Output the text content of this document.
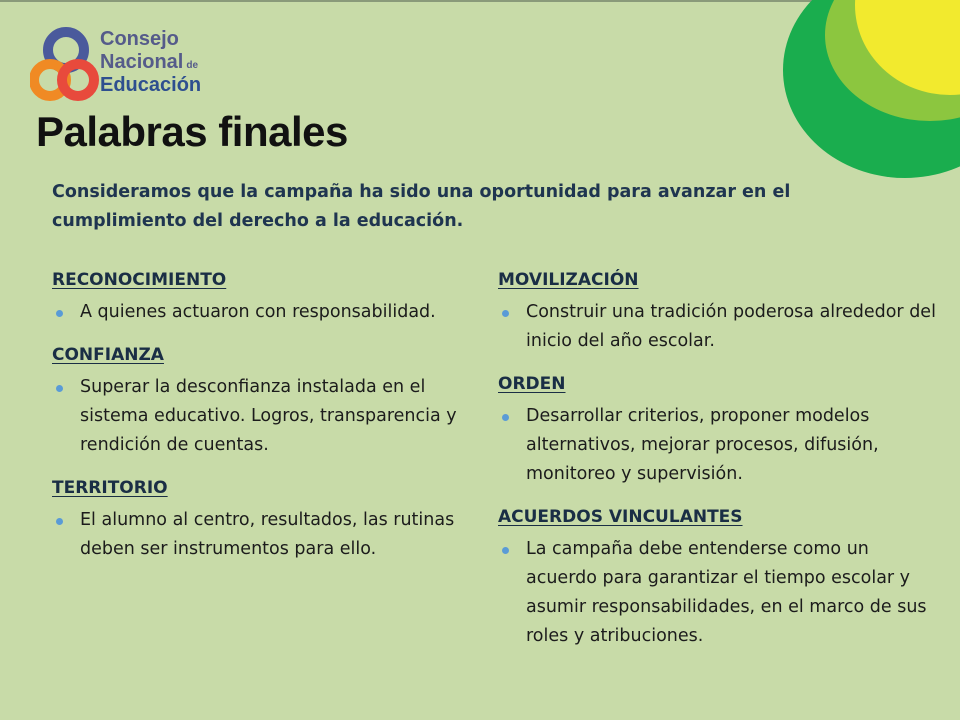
Consejo
Nacional de
Educación
Palabras finales
Consideramos que la campaña ha sido una oportunidad para avanzar en el cumplimiento del derecho a la educación.
RECONOCIMIENTO
A quienes actuaron con responsabilidad.
CONFIANZA
Superar la desconfianza instalada en el sistema educativo. Logros, transparencia y rendición de cuentas.
TERRITORIO
El alumno al centro, resultados, las rutinas deben ser instrumentos para ello.
MOVILIZACIÓN
Construir una tradición poderosa alrededor del inicio del año escolar.
ORDEN
Desarrollar criterios, proponer modelos alternativos, mejorar procesos, difusión, monitoreo y supervisión.
ACUERDOS VINCULANTES
La campaña debe entenderse como un acuerdo para garantizar el tiempo escolar y asumir responsabilidades, en el marco de sus roles y atribuciones.
